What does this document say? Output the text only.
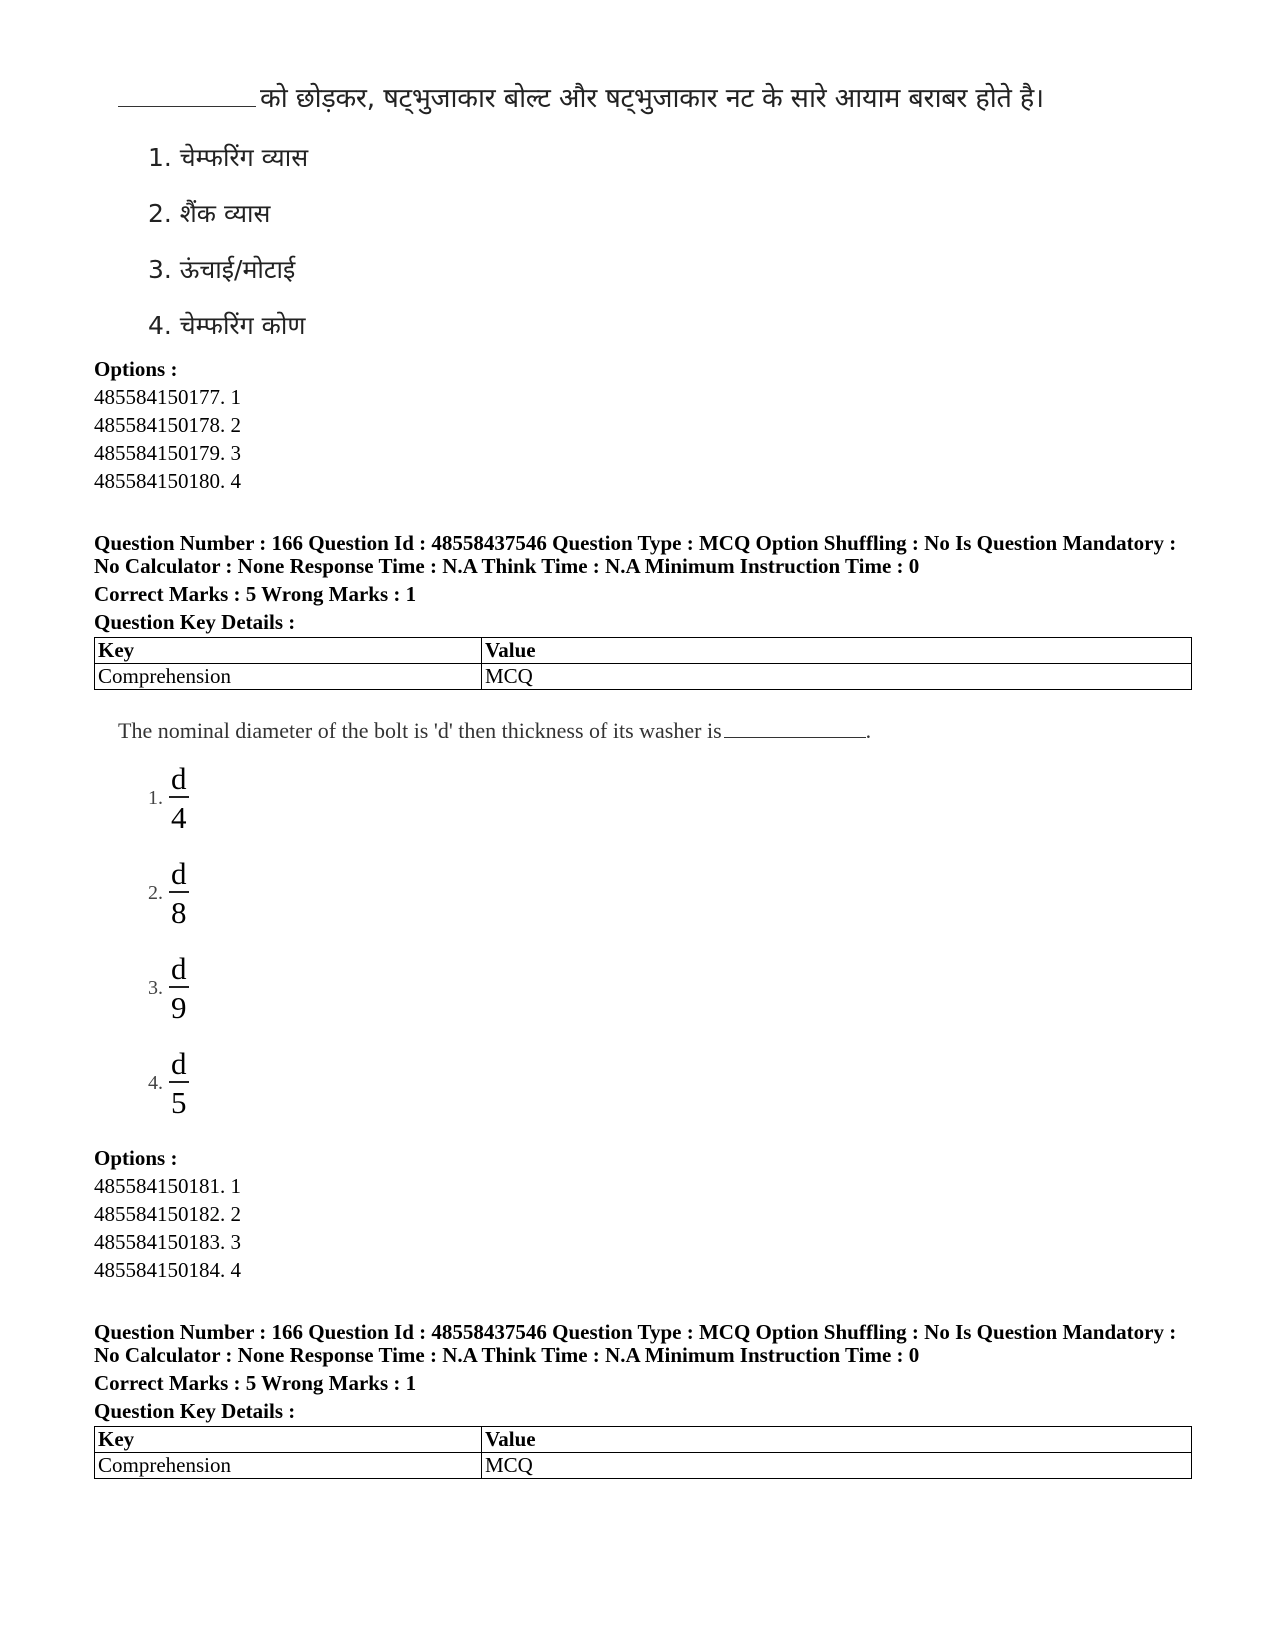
को छोड़कर, षट्भुजाकार बोल्ट और षट्भुजाकार नट के सारे आयाम बराबर होते है।
1. चेम्फरिंग व्यास
2. शैंक व्यास
3. ऊंचाई/मोटाई
4. चेम्फरिंग कोण
Options :
485584150177. 1
485584150178. 2
485584150179. 3
485584150180. 4
Question Number : 166 Question Id : 48558437546 Question Type : MCQ Option Shuffling : No Is Question Mandatory :
No Calculator : None Response Time : N.A Think Time : N.A Minimum Instruction Time : 0
Correct Marks : 5 Wrong Marks : 1
Question Key Details :
Key	Value
Comprehension	MCQ
The nominal diameter of the bolt is 'd' then thickness of its washer is	.
1. $\frac{d}{4}$
2. $\frac{d}{8}$
3. $\frac{d}{9}$
4. $\frac{d}{5}$
Options :
485584150181. 1
485584150182. 2
485584150183. 3
485584150184. 4
Question Number : 166 Question Id : 48558437546 Question Type : MCQ Option Shuffling : No Is Question Mandatory :
No Calculator : None Response Time : N.A Think Time : N.A Minimum Instruction Time : 0
Correct Marks : 5 Wrong Marks : 1
Question Key Details :
Key	Value
Comprehension	MCQ
